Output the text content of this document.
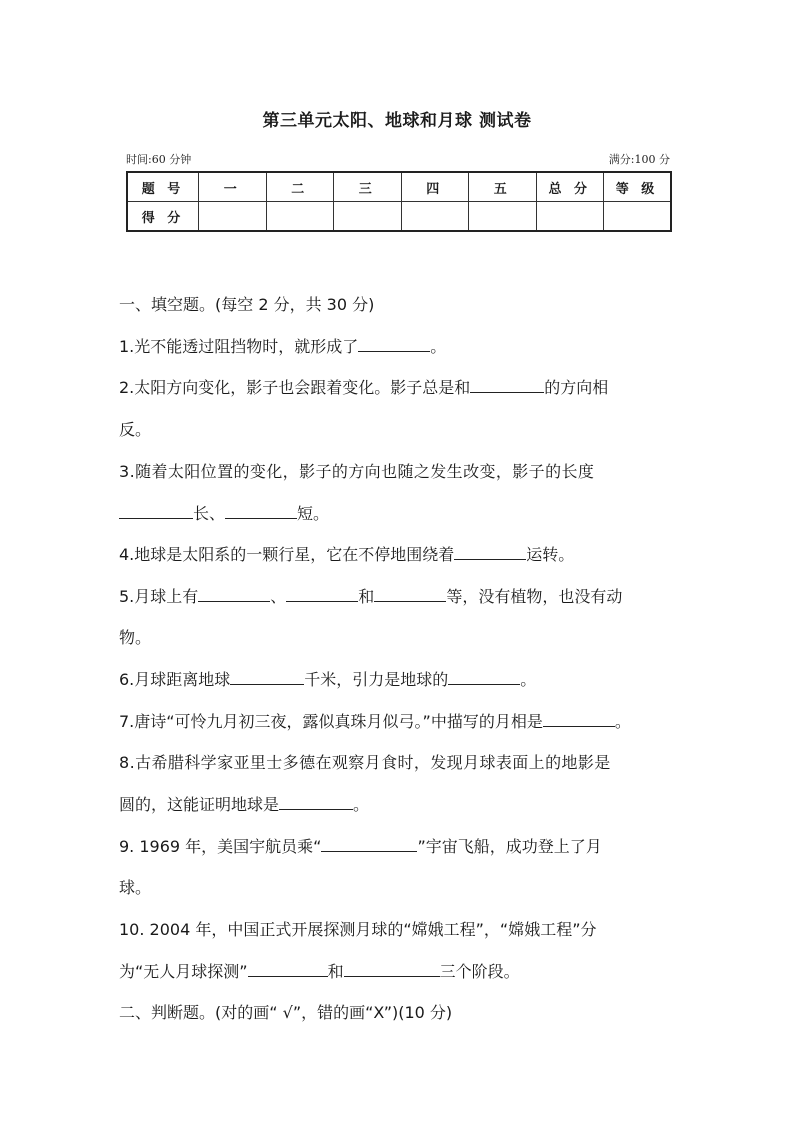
第三单元太阳、地球和月球 测试卷
时间:60 分钟	满分:100 分
题 号	一	二	三	四	五	总 分	等 级
得 分							
一、填空题。(每空 2 分，共 30 分)
1.光不能透过阻挡物时，就形成了	。
2.太阳方向变化，影子也会跟着变化。影子总是和	的方向相
反。
3.随着太阳位置的变化，影子的方向也随之发生改变，影子的长度
长、	短。
4.地球是太阳系的一颗行星，它在不停地围绕着	运转。
5.月球上有	、	和	等，没有植物，也没有动
物。
6.月球距离地球	千米，引力是地球的	。
7.唐诗“可怜九月初三夜，露似真珠月似弓。”中描写的月相是	。
8.古希腊科学家亚里士多德在观察月食时，发现月球表面上的地影是
圆的，这能证明地球是	。
9. 1969 年，美国宇航员乘“	”宇宙飞船，成功登上了月
球。
10. 2004 年，中国正式开展探测月球的“嫦娥工程”，“嫦娥工程”分
为“无人月球探测”	和	三个阶段。
二、判断题。(对的画“ √”，错的画“X”)(10 分)
